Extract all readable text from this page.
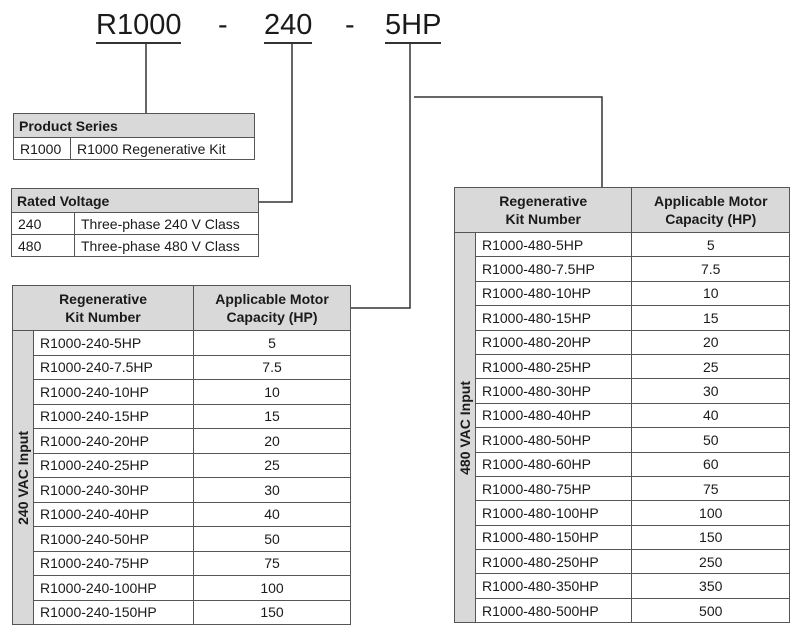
R1000 - 240 - 5HP
Product Series
R1000	R1000 Regenerative Kit
Rated Voltage	
240	Three-phase 240 V Class
480	Three-phase 480 V Class
Regenerative Kit Number		Applicable Motor Capacity (HP)

240 VAC Input	R1000-240-5HP	5
	R1000-240-7.5HP	7.5
	R1000-240-10HP	10
	R1000-240-15HP	15
	R1000-240-20HP	20
	R1000-240-25HP	25
	R1000-240-30HP	30
	R1000-240-40HP	40
	R1000-240-50HP	50
	R1000-240-75HP	75
	R1000-240-100HP	100
	R1000-240-150HP	150
Regenerative Kit Number		Applicable Motor Capacity (HP)

480 VAC Input	R1000-480-5HP	5
	R1000-480-7.5HP	7.5
	R1000-480-10HP	10
	R1000-480-15HP	15
	R1000-480-20HP	20
	R1000-480-25HP	25
	R1000-480-30HP	30
	R1000-480-40HP	40
	R1000-480-50HP	50
	R1000-480-60HP	60
	R1000-480-75HP	75
	R1000-480-100HP	100
	R1000-480-150HP	150
	R1000-480-250HP	250
	R1000-480-350HP	350
	R1000-480-500HP	500
